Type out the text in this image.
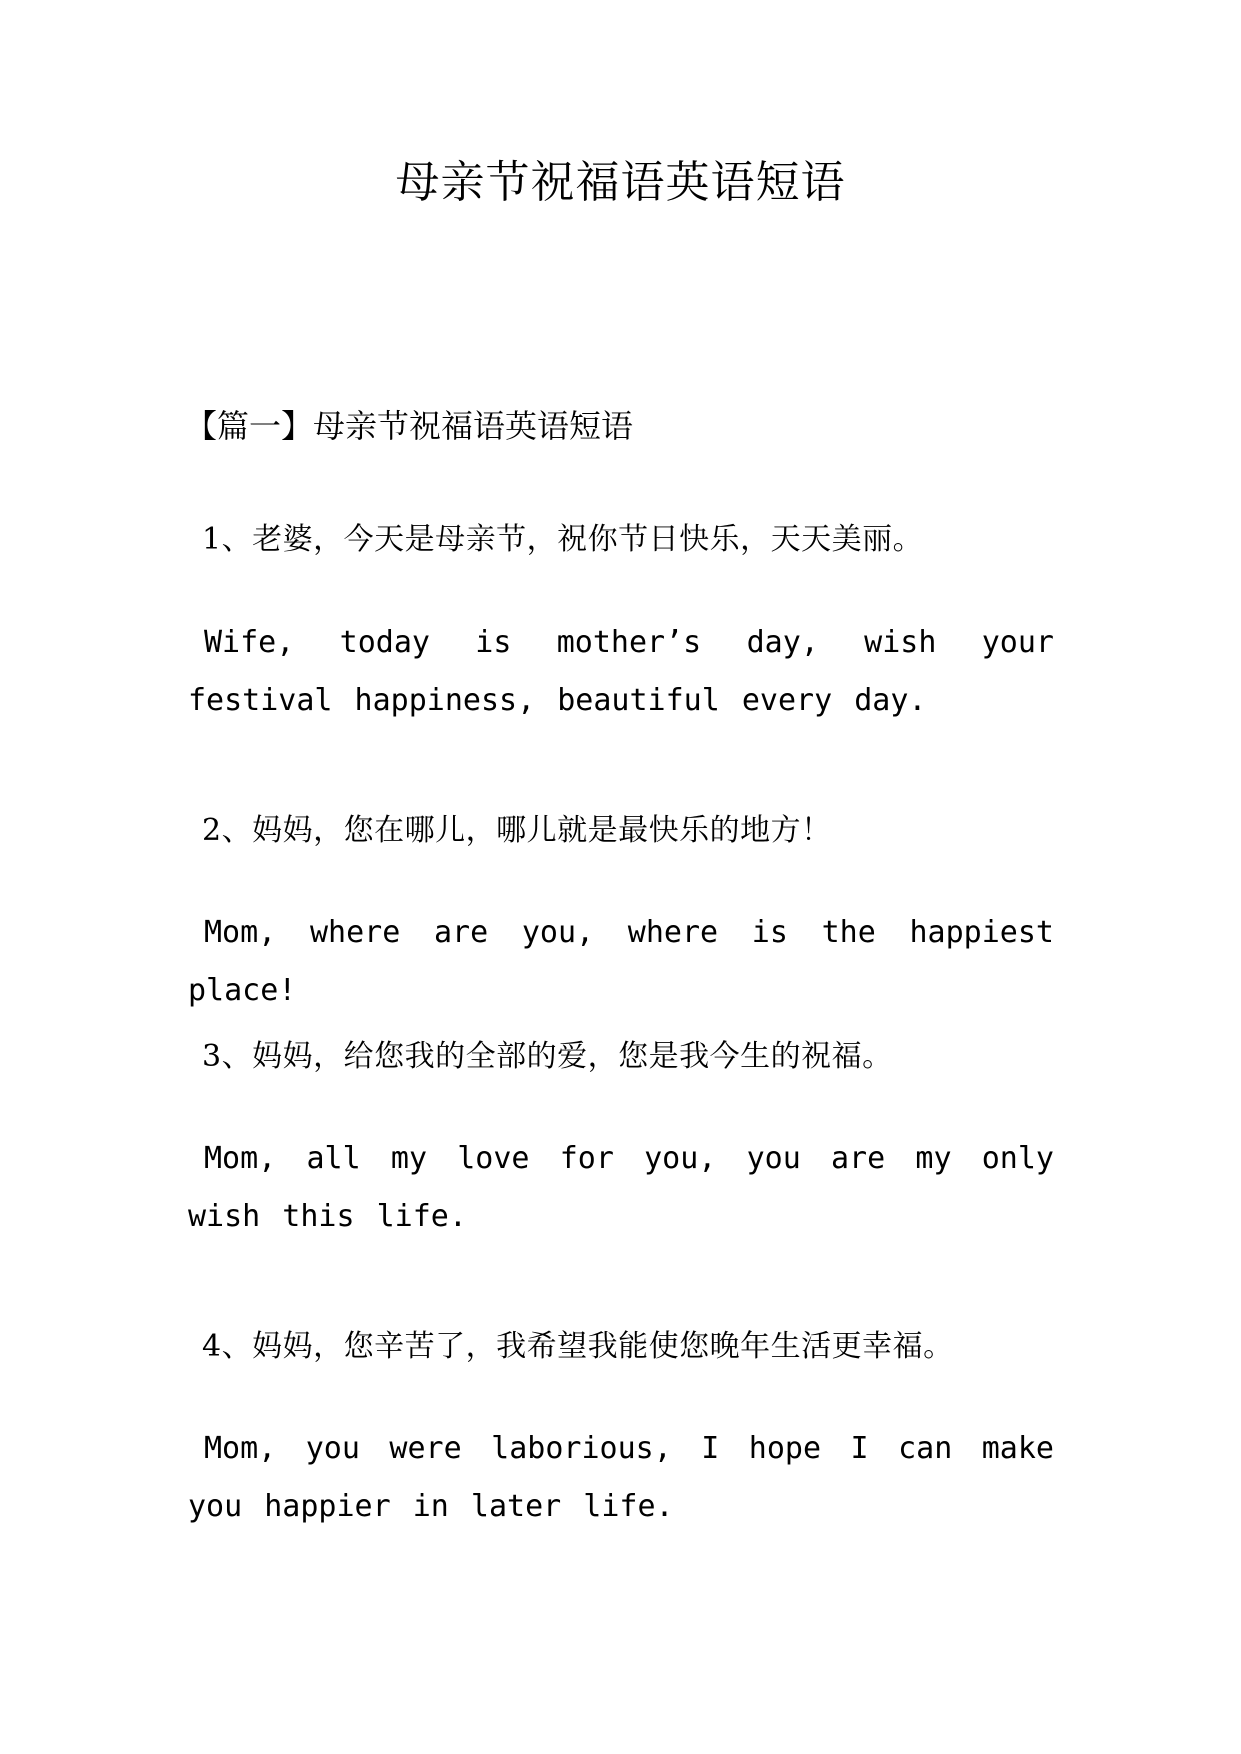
母亲节祝福语英语短语
【篇一】母亲节祝福语英语短语

1、老婆，今天是母亲节，祝你节日快乐，天天美丽。

Wife, today is mother’s day, wish your festival happiness, beautiful every day.

2、妈妈，您在哪儿，哪儿就是最快乐的地方！

Mom, where are you, where is the happiest place!

3、妈妈，给您我的全部的爱，您是我今生的祝福。

Mom, all my love for you, you are my only wish this life.

4、妈妈，您辛苦了，我希望我能使您晚年生活更幸福。

Mom, you were laborious, I hope I can make you happier in later life.
